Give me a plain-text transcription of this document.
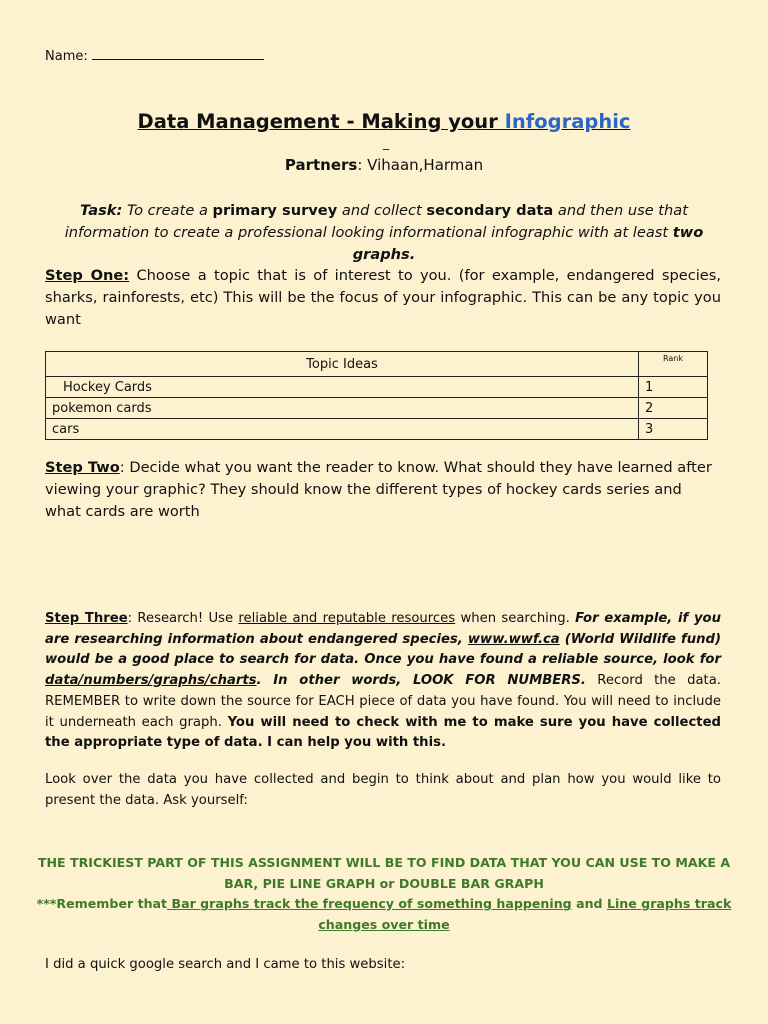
Name:
Data Management - Making your Infographic
_
Partners: Vihaan,Harman
Task: To create a primary survey and collect secondary data and then use that information to create a professional looking informational infographic with at least two graphs.
Step One: Choose a topic that is of interest to you. (for example, endangered species, sharks, rainforests, etc) This will be the focus of your infographic. This can be any topic you want
Topic Ideas	Rank
Hockey Cards	1
pokemon cards	2
cars	3
Step Two: Decide what you want the reader to know. What should they have learned after viewing your graphic? They should know the different types of hockey cards series and what cards are worth
Step Three: Research! Use reliable and reputable resources when searching. For example, if you are researching information about endangered species, www.wwf.ca (World Wildlife fund) would be a good place to search for data. Once you have found a reliable source, look for data/numbers/graphs/charts. In other words, LOOK FOR NUMBERS. Record the data. REMEMBER to write down the source for EACH piece of data you have found. You will need to include it underneath each graph. You will need to check with me to make sure you have collected the appropriate type of data. I can help you with this.
Look over the data you have collected and begin to think about and plan how you would like to present the data. Ask yourself:
THE TRICKIEST PART OF THIS ASSIGNMENT WILL BE TO FIND DATA THAT YOU CAN USE TO MAKE A BAR, PIE LINE GRAPH or DOUBLE BAR GRAPH
***Remember that Bar graphs track the frequency of something happening and Line graphs track changes over time
I did a quick google search and I came to this website:
